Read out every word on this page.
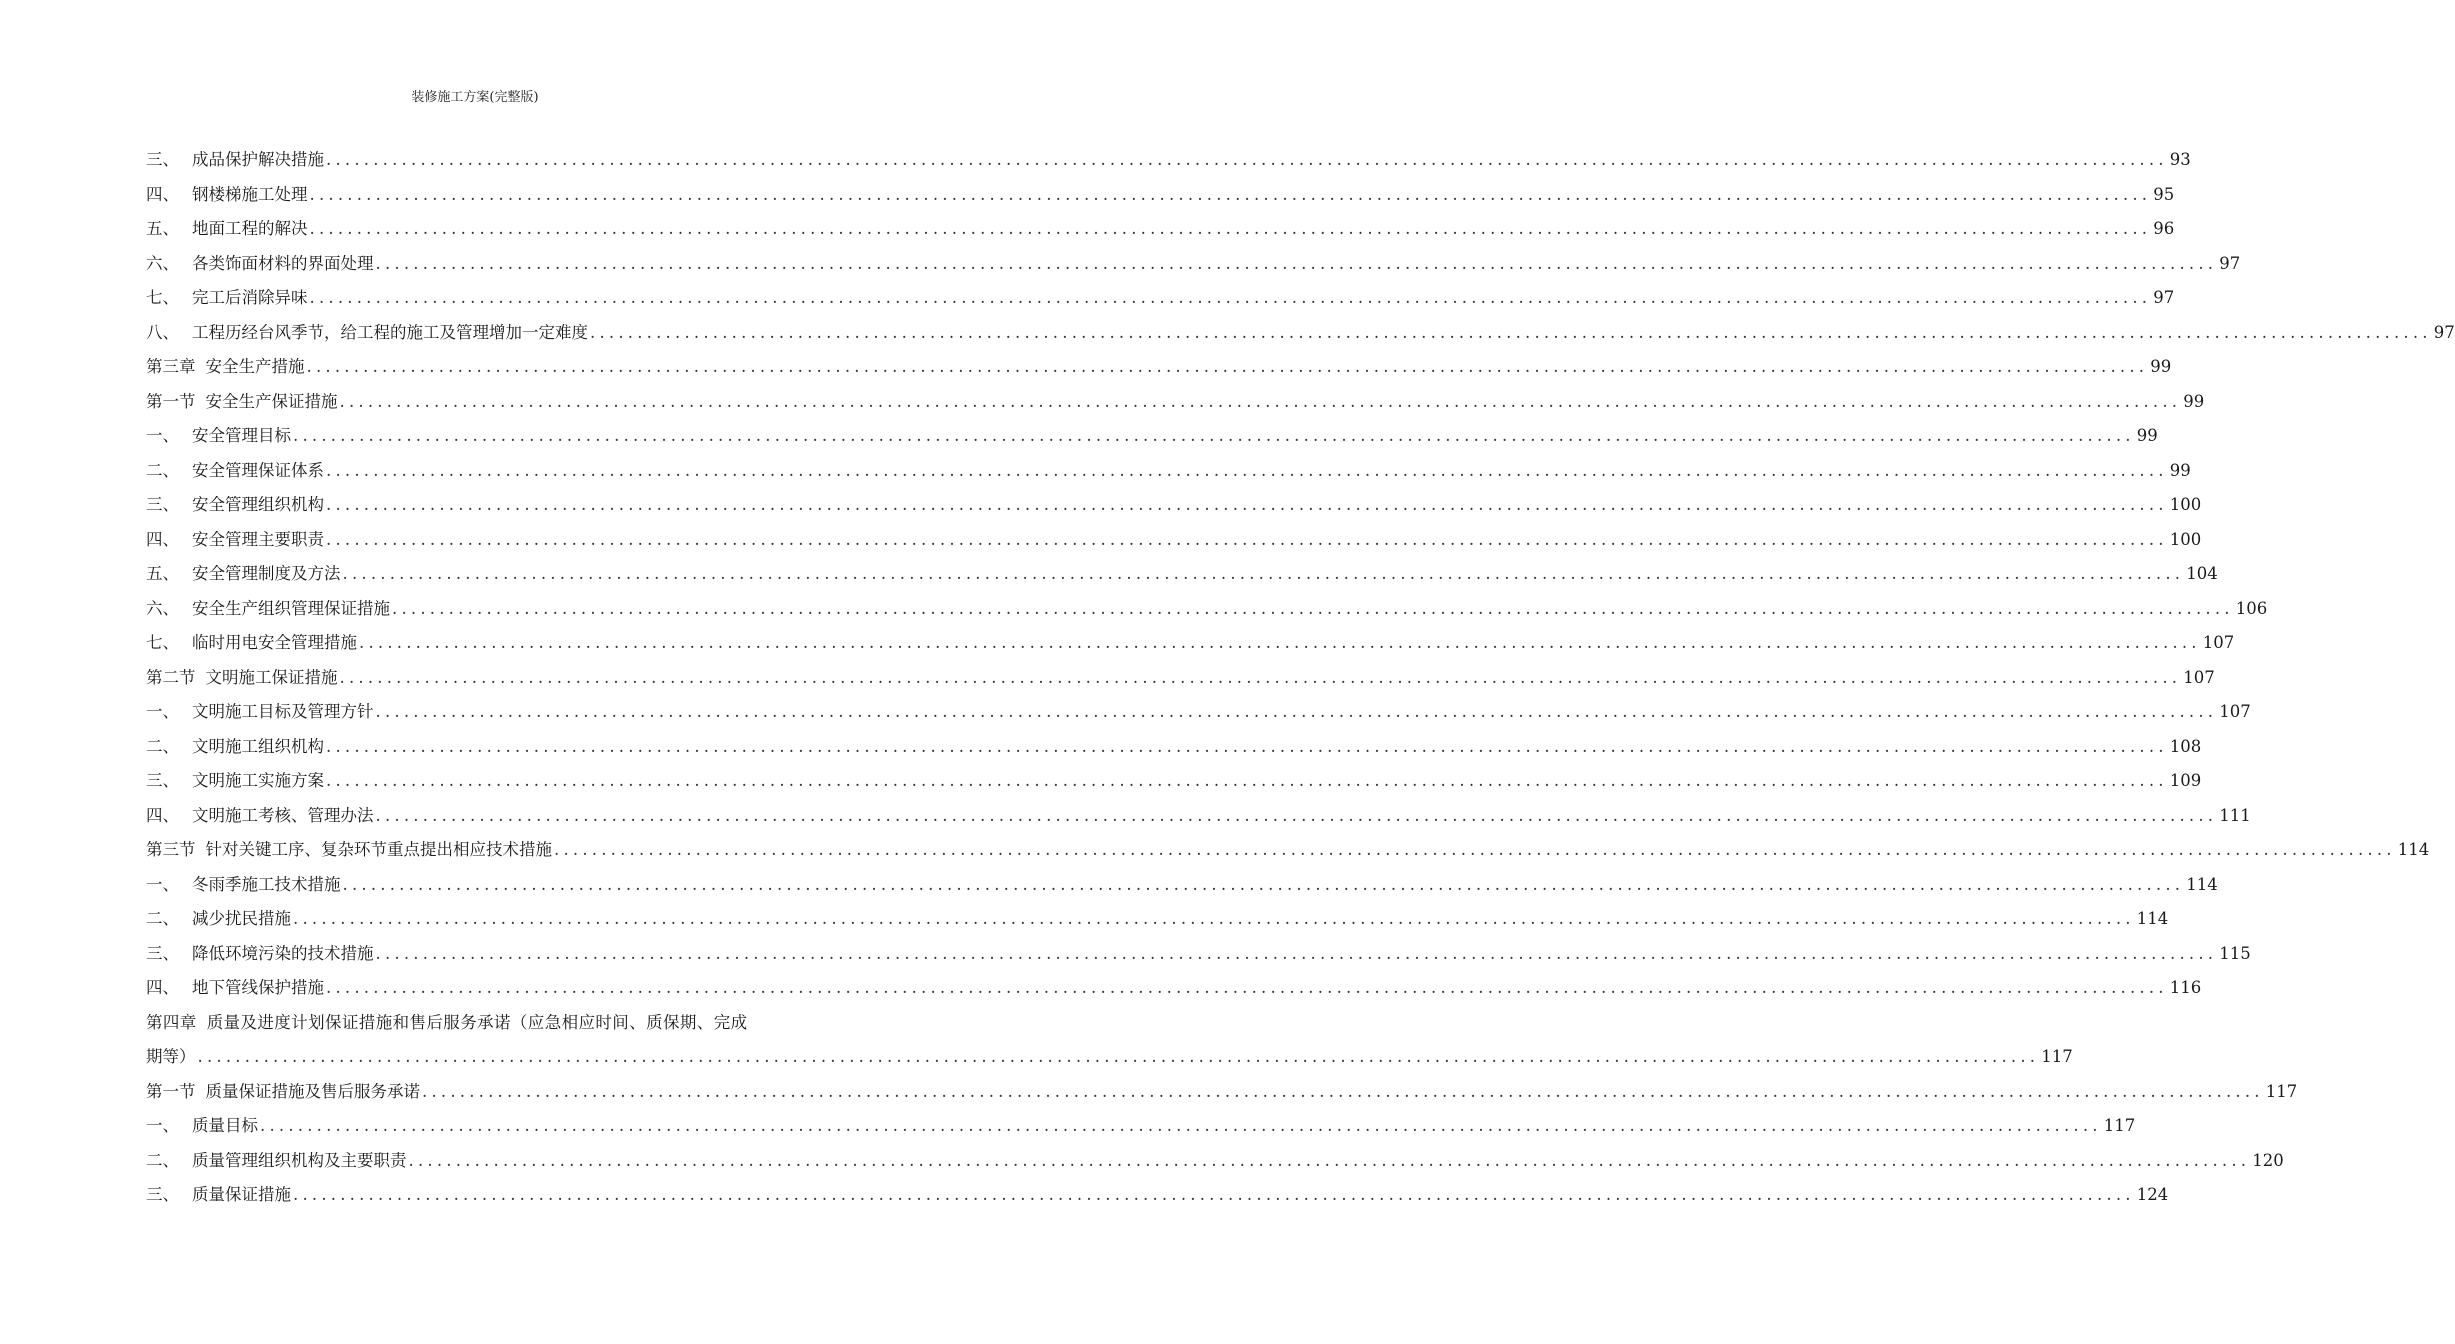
装修施工方案(完整版)
三、 成品保护解决措施 .....	93
四、 钢楼梯施工处理 .....	95
五、 地面工程的解决 .....	96
六、 各类饰面材料的界面处理 .....	97
七、 完工后消除异味 .....	97
八、 工程历经台风季节，给工程的施工及管理增加一定难度 .....	97
第三章 安全生产措施 .....	99
第一节 安全生产保证措施 .....	99
一、 安全管理目标 .....	99
二、 安全管理保证体系 .....	99
三、 安全管理组织机构 .....	100
四、 安全管理主要职责 .....	100
五、 安全管理制度及方法 .....	104
六、 安全生产组织管理保证措施 .....	106
七、 临时用电安全管理措施 .....	107
第二节 文明施工保证措施 .....	107
一、 文明施工目标及管理方针 .....	107
二、 文明施工组织机构 .....	108
三、 文明施工实施方案 .....	109
四、 文明施工考核、管理办法 .....	111
第三节 针对关键工序、复杂环节重点提出相应技术措施 .....	114
一、 冬雨季施工技术措施 .....	114
二、 减少扰民措施 .....	114
三、 降低环境污染的技术措施 .....	115
四、 地下管线保护措施 .....	116
第四章 质量及进度计划保证措施和售后服务承诺（应急相应时间、质保期、完成
期等） .....	117
第一节 质量保证措施及售后服务承诺 .....	117
一、 质量目标 .....	117
二、 质量管理组织机构及主要职责 .....	120
三、 质量保证措施 .....	124
